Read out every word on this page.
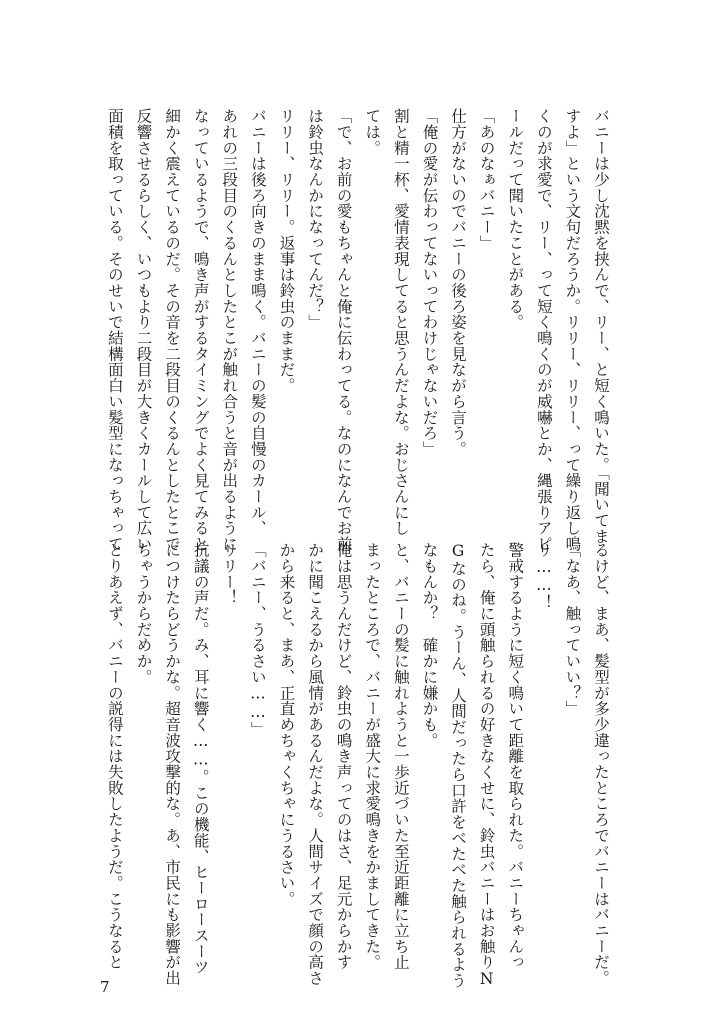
バニーは少し沈黙を挟んで、リー、と短く鳴いた。「聞いてま
すよ」という文句だろうか。リリー、リリー、って繰り返し鳴
くのが求愛で、リー、って短く鳴くのが威嚇とか、縄張りアピ
ールだって聞いたことがある。
「あのなぁバニー」
仕方がないのでバニーの後ろ姿を見ながら言う。
「俺の愛が伝わってないってわけじゃないだろ」
割と精一杯、愛情表現してると思うんだよな。おじさんにし
ては。
「で、お前の愛もちゃんと俺に伝わってる。なのになんでお前
は鈴虫なんかになってんだ？」
リリー、リリー。返事は鈴虫のままだ。
バニーは後ろ向きのまま鳴く。バニーの髪の自慢のカール、
あれの三段目のくるんとしたとこが触れ合うと音が出るように
なっているようで、鳴き声がするタイミングでよく見てみると
細かく震えているのだ。その音を二段目のくるんとしたとこで
反響させるらしく、いつもより二段目が大きくカールして広い
面積を取っている。そのせいで結構面白い髪型になっちゃって
るけど、まあ、髪型が多少違ったところでバニーはバニーだ。
「なあ、触っていい？」
リ……！
警戒するように短く鳴いて距離を取られた。バニーちゃんっ
たら、俺に頭触られるの好きなくせに、鈴虫バニーはお触りN
Gなのね。うーん、人間だったら口許をべたべた触られるよう
なもんか？　確かに嫌かも。
と、バニーの髪に触れようと一歩近づいた至近距離に立ち止
まったところで、バニーが盛大に求愛鳴きをかましてきた。
俺は思うんだけど、鈴虫の鳴き声ってのはさ、足元からかす
かに聞こえるから風情があるんだよな。人間サイズで顔の高さ
から来ると、まあ、正直めちゃくちゃにうるさい。
「バニー、うるさい……」
リリー！
抗議の声だ。み、耳に響く……。この機能、ヒーロースーツ
につけたらどうかな。超音波攻撃的な。あ、市民にも影響が出
ちゃうからだめか。
とりあえず、バニーの説得には失敗したようだ。こうなると
7
